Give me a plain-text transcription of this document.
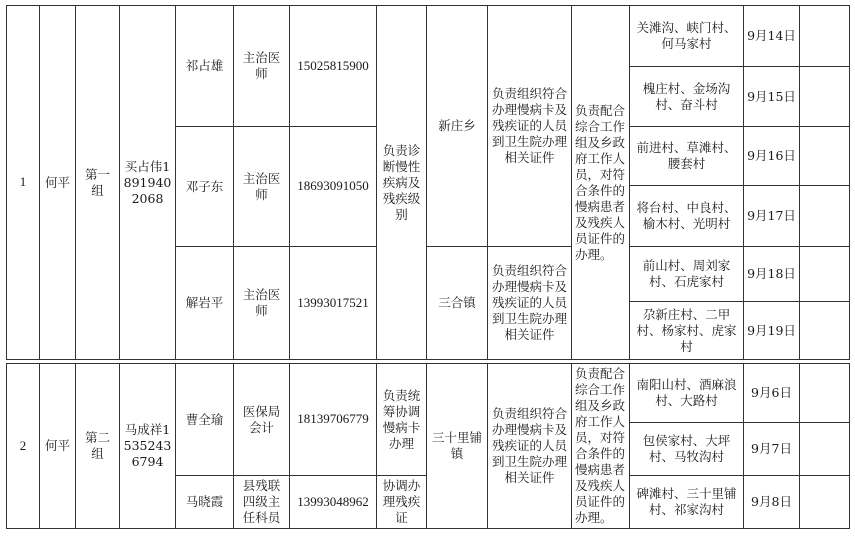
1	何平	第一组	买占伟18919402068	祁占雄	主治医师	15025815900	负责诊断慢性疾病及残疾级别	新庄乡	负责组织符合办理慢病卡及残疾证的人员到卫生院办理相关证件	负责配合综合工作组及乡政府工作人员，对符合条件的慢病患者及残疾人员证件的办理。	关滩沟、峡门村、何马家村	9月14日	
											槐庄村、金场沟村、奋斗村	9月15日	
				邓子东	主治医师	18693091050					前进村、草滩村、腰套村	9月16日	
											将台村、中良村、榆木村、光明村	9月17日	
				解岩平	主治医师	13993017521		三合镇	负责组织符合办理慢病卡及残疾证的人员到卫生院办理相关证件		前山村、周刘家村、石虎家村	9月18日	
											尕新庄村、二甲村、杨家村、虎家村	9月19日	

2	何平	第二组	马成祥15352436794	曹全瑜	医保局会计	18139706779	负责统筹协调慢病卡办理	三十里铺镇	负责组织符合办理慢病卡及残疾证的人员到卫生院办理相关证件	负责配合综合工作组及乡政府工作人员，对符合条件的慢病患者及残疾人员证件的办理。	南阳山村、酒麻浪村、大路村	9月6日	
											包侯家村、大坪村、马牧沟村	9月7日	
				马晓霞	县残联四级主任科员	13993048962	协调办理残疾证				碑滩村、三十里铺村、祁家沟村	9月8日	
